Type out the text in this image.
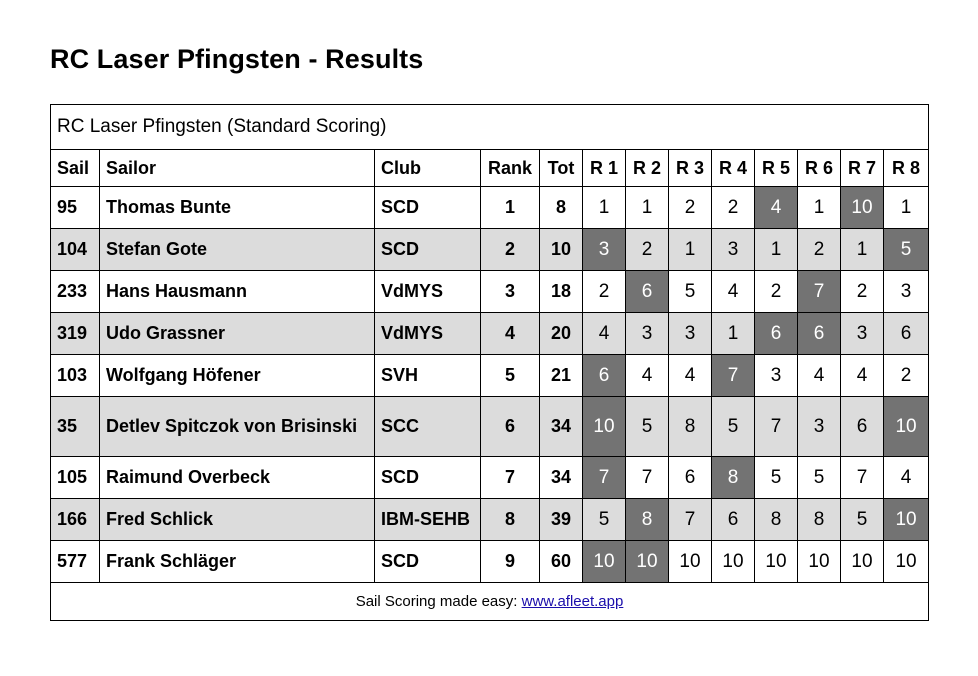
RC Laser Pfingsten - Results
RC Laser Pfingsten (Standard Scoring)												
Sail	Sailor	Club	Rank	Tot	R 1	R 2	R 3	R 4	R 5	R 6	R 7	R 8
95	Thomas Bunte	SCD	1	8	1	1	2	2	4	1	10	1
104	Stefan Gote	SCD	2	10	3	2	1	3	1	2	1	5
233	Hans Hausmann	VdMYS	3	18	2	6	5	4	2	7	2	3
319	Udo Grassner	VdMYS	4	20	4	3	3	1	6	6	3	6
103	Wolfgang Höfener	SVH	5	21	6	4	4	7	3	4	4	2
35	Detlev Spitczok von Brisinski	SCC	6	34	10	5	8	5	7	3	6	10
105	Raimund Overbeck	SCD	7	34	7	7	6	8	5	5	7	4
166	Fred Schlick	IBM-SEHB	8	39	5	8	7	6	8	8	5	10
577	Frank Schläger	SCD	9	60	10	10	10	10	10	10	10	10
Sail Scoring made easy: www.afleet.app												
